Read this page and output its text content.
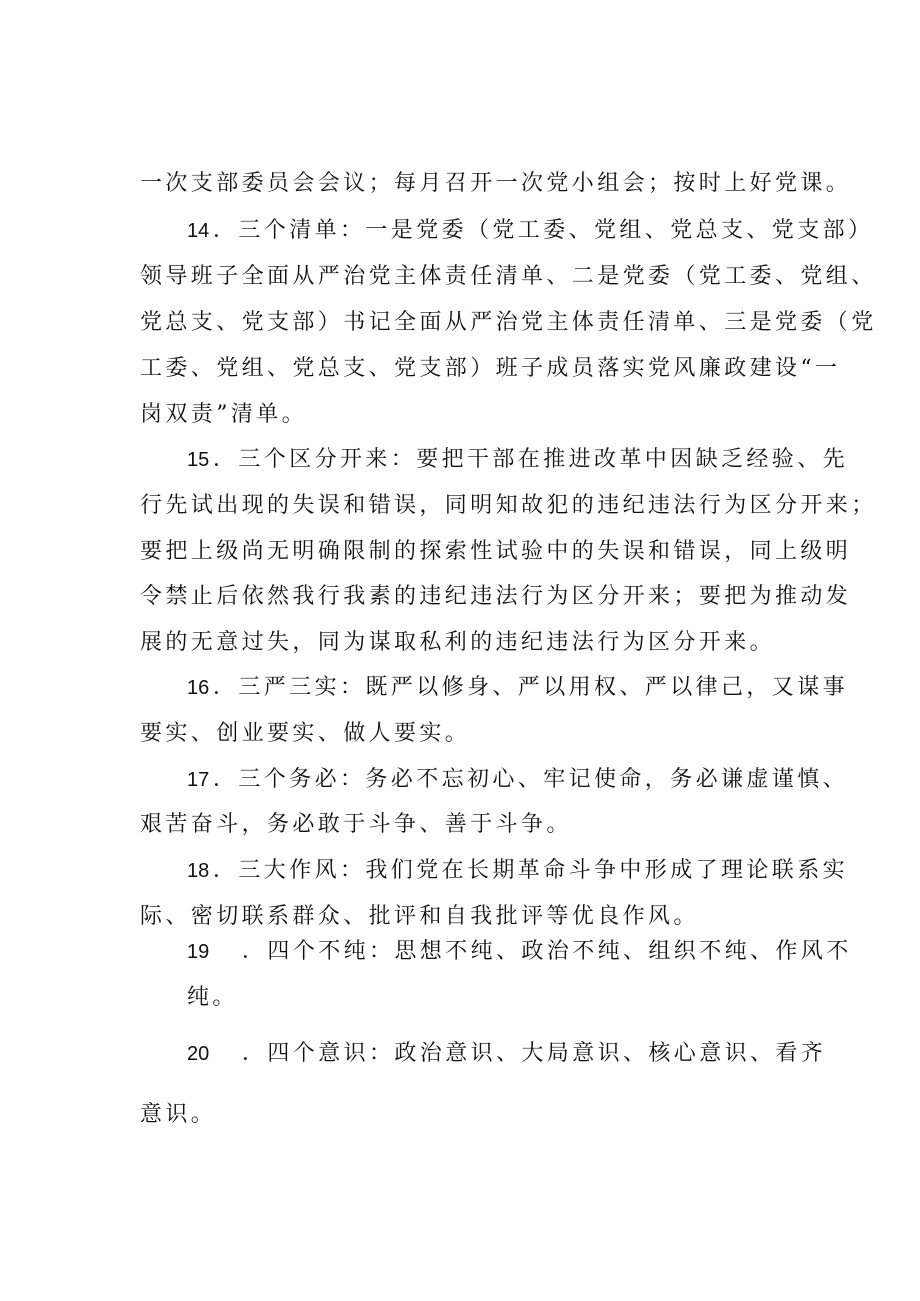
一次支部委员会会议；每月召开一次党小组会；按时上好党课。
14 ．三个清单：一是党委（党工委、党组、党总支、党支部）
领导班子全面从严治党主体责任清单、二是党委（党工委、党组、
党总支、党支部）书记全面从严治党主体责任清单、三是党委（党
工委、党组、党总支、党支部）班子成员落实党风廉政建设“一
岗双责”清单。
15 ．三个区分开来：要把干部在推进改革中因缺乏经验、先
行先试出现的失误和错误，同明知故犯的违纪违法行为区分开来；
要把上级尚无明确限制的探索性试验中的失误和错误，同上级明
令禁止后依然我行我素的违纪违法行为区分开来；要把为推动发
展的无意过失，同为谋取私利的违纪违法行为区分开来。
16 ．三严三实：既严以修身、严以用权、严以律己，又谋事
要实、创业要实、做人要实。
17 ．三个务必：务必不忘初心、牢记使命，务必谦虚谨慎、
艰苦奋斗，务必敢于斗争、善于斗争。
18 ．三大作风：我们党在长期革命斗争中形成了理论联系实
际、密切联系群众、批评和自我批评等优良作风。
19 ．四个不纯：思想不纯、政治不纯、组织不纯、作风不
纯。
20 ．四个意识：政治意识、大局意识、核心意识、看齐
意识。
